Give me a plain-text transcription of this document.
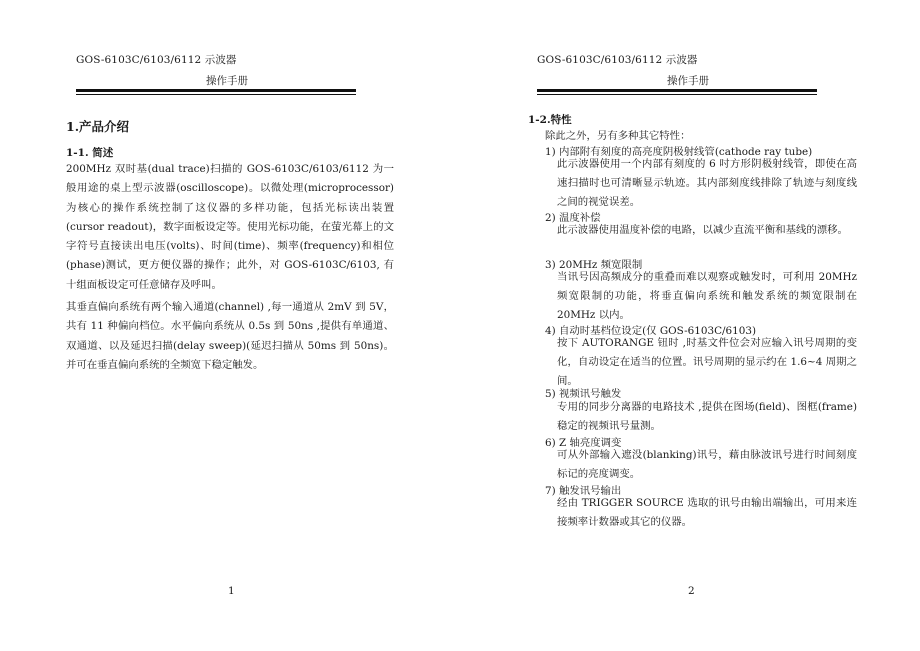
GOS-6103C/6103/6112 示波器
操作手册
1.产品介绍
1-1. 简述
200MHz 双时基(dual trace)扫描的 GOS-6103C/6103/6112 为一般用途的桌上型示波器(oscilloscope)。以微处理(microprocessor)为核心的操作系统控制了这仪器的多样功能，包括光标读出装置(cursor readout)，数字面板设定等。使用光标功能，在萤光幕上的文字符号直接读出电压(volts)、时间(time)、频率(frequency)和相位(phase)测试，更方便仪器的操作；此外，对 GOS-6103C/6103, 有十组面板设定可任意储存及呼叫。
其垂直偏向系统有两个输入通道(channel) ,每一通道从 2mV 到 5V，共有 11 种偏向档位。水平偏向系统从 0.5s 到 50ns ,提供有单通道、双通道、以及延迟扫描(delay sweep)(延迟扫描从 50ms 到 50ns)。并可在垂直偏向系统的全频宽下稳定触发。
1
GOS-6103C/6103/6112 示波器
操作手册
1-2.特性
除此之外，另有多种其它特性：
1) 内部附有刻度的高亮度阴极射线管(cathode ray tube)
此示波器使用一个内部有刻度的 6 吋方形阴极射线管，即使在高速扫描时也可清晰显示轨迹。其内部刻度线排除了轨迹与刻度线之间的视觉误差。
2) 温度补偿
此示波器使用温度补偿的电路，以减少直流平衡和基线的漂移。
3) 20MHz 频宽限制
当讯号因高频成分的重叠而难以观察或触发时，可利用 20MHz 频宽限制的功能，将垂直偏向系统和触发系统的频宽限制在 20MHz 以内。
4) 自动时基档位设定(仅 GOS-6103C/6103)
按下 AUTORANGE 钮时 ,时基文件位会对应输入讯号周期的变化，自动设定在适当的位置。讯号周期的显示约在 1.6~4 周期之间。
5) 视频讯号触发
专用的同步分离器的电路技术 ,提供在图场(field)、图框(frame)稳定的视频讯号量测。
6) Z 轴亮度调变
可从外部输入遮没(blanking)讯号，藉由脉波讯号进行时间刻度标记的亮度调变。
7) 触发讯号输出
经由 TRIGGER SOURCE 选取的讯号由输出端输出，可用来连接频率计数器或其它的仪器。
2
